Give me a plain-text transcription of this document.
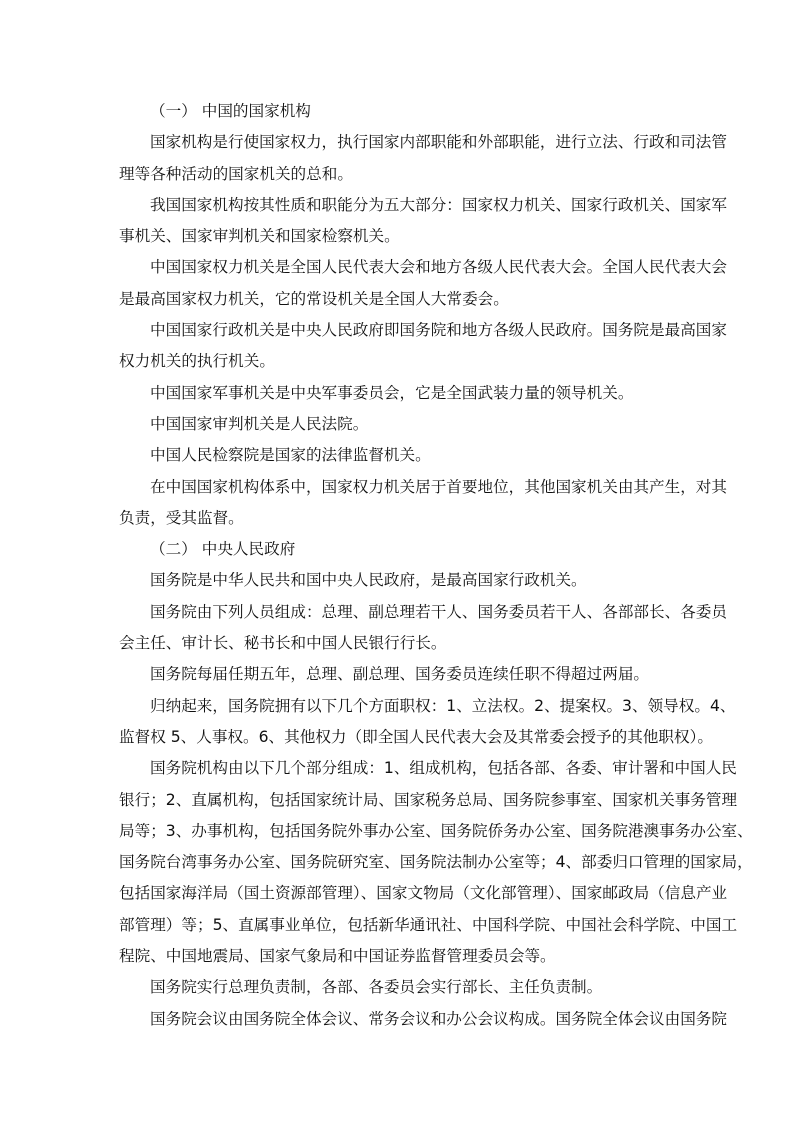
（一） 中国的国家机构

国家机构是行使国家权力，执行国家内部职能和外部职能，进行立法、行政和司法管
理等各种活动的国家机关的总和。

我国国家机构按其性质和职能分为五大部分：国家权力机关、国家行政机关、国家军
事机关、国家审判机关和国家检察机关。

中国国家权力机关是全国人民代表大会和地方各级人民代表大会。全国人民代表大会
是最高国家权力机关，它的常设机关是全国人大常委会。

中国国家行政机关是中央人民政府即国务院和地方各级人民政府。国务院是最高国家
权力机关的执行机关。

中国国家军事机关是中央军事委员会，它是全国武装力量的领导机关。

中国国家审判机关是人民法院。

中国人民检察院是国家的法律监督机关。

在中国国家机构体系中，国家权力机关居于首要地位，其他国家机关由其产生，对其
负责，受其监督。

（二） 中央人民政府

国务院是中华人民共和国中央人民政府，是最高国家行政机关。

国务院由下列人员组成：总理、副总理若干人、国务委员若干人、各部部长、各委员
会主任、审计长、秘书长和中国人民银行行长。

国务院每届任期五年，总理、副总理、国务委员连续任职不得超过两届。

归纳起来，国务院拥有以下几个方面职权：1、立法权。2、提案权。3、领导权。4、
监督权 5、人事权。6、其他权力（即全国人民代表大会及其常委会授予的其他职权）。

国务院机构由以下几个部分组成：1、组成机构，包括各部、各委、审计署和中国人民
银行；2、直属机构，包括国家统计局、国家税务总局、国务院参事室、国家机关事务管理
局等；3、办事机构，包括国务院外事办公室、国务院侨务办公室、国务院港澳事务办公室、
国务院台湾事务办公室、国务院研究室、国务院法制办公室等；4、部委归口管理的国家局，
包括国家海洋局（国土资源部管理）、国家文物局（文化部管理）、国家邮政局（信息产业
部管理）等；5、直属事业单位，包括新华通讯社、中国科学院、中国社会科学院、中国工
程院、中国地震局、国家气象局和中国证券监督管理委员会等。

国务院实行总理负责制，各部、各委员会实行部长、主任负责制。

国务院会议由国务院全体会议、常务会议和办公会议构成。国务院全体会议由国务院
